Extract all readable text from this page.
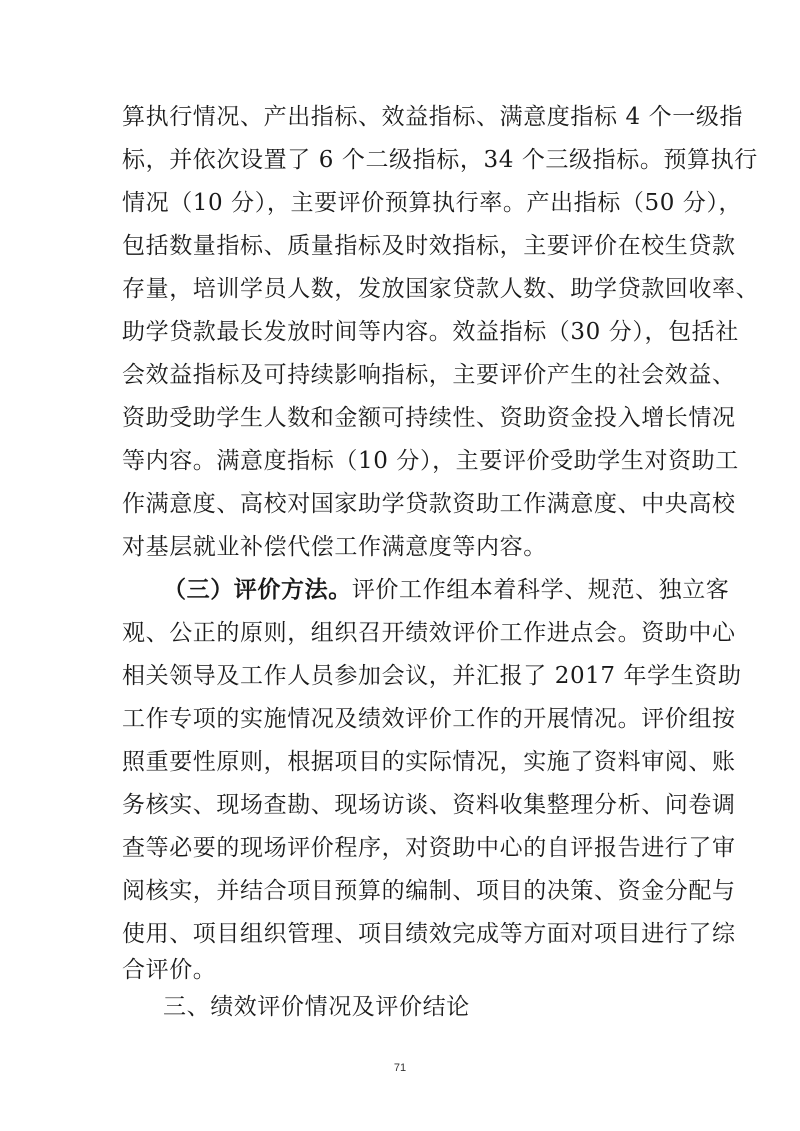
算执行情况、产出指标、效益指标、满意度指标 4 个一级指
标，并依次设置了 6 个二级指标，34 个三级指标。预算执行
情况（10 分），主要评价预算执行率。产出指标（50 分），
包括数量指标、质量指标及时效指标，主要评价在校生贷款
存量，培训学员人数，发放国家贷款人数、助学贷款回收率、
助学贷款最长发放时间等内容。效益指标（30 分），包括社
会效益指标及可持续影响指标，主要评价产生的社会效益、
资助受助学生人数和金额可持续性、资助资金投入增长情况
等内容。满意度指标（10 分），主要评价受助学生对资助工
作满意度、高校对国家助学贷款资助工作满意度、中央高校
对基层就业补偿代偿工作满意度等内容。
（三）评价方法。 评价工作组本着科学、规范、独立客
观、公正的原则，组织召开绩效评价工作进点会。资助中心
相关领导及工作人员参加会议，并汇报了 2017 年学生资助
工作专项的实施情况及绩效评价工作的开展情况。评价组按
照重要性原则，根据项目的实际情况，实施了资料审阅、账
务核实、现场查勘、现场访谈、资料收集整理分析、问卷调
查等必要的现场评价程序，对资助中心的自评报告进行了审
阅核实，并结合项目预算的编制、项目的决策、资金分配与
使用、项目组织管理、项目绩效完成等方面对项目进行了综
合评价。
三、绩效评价情况及评价结论
71
